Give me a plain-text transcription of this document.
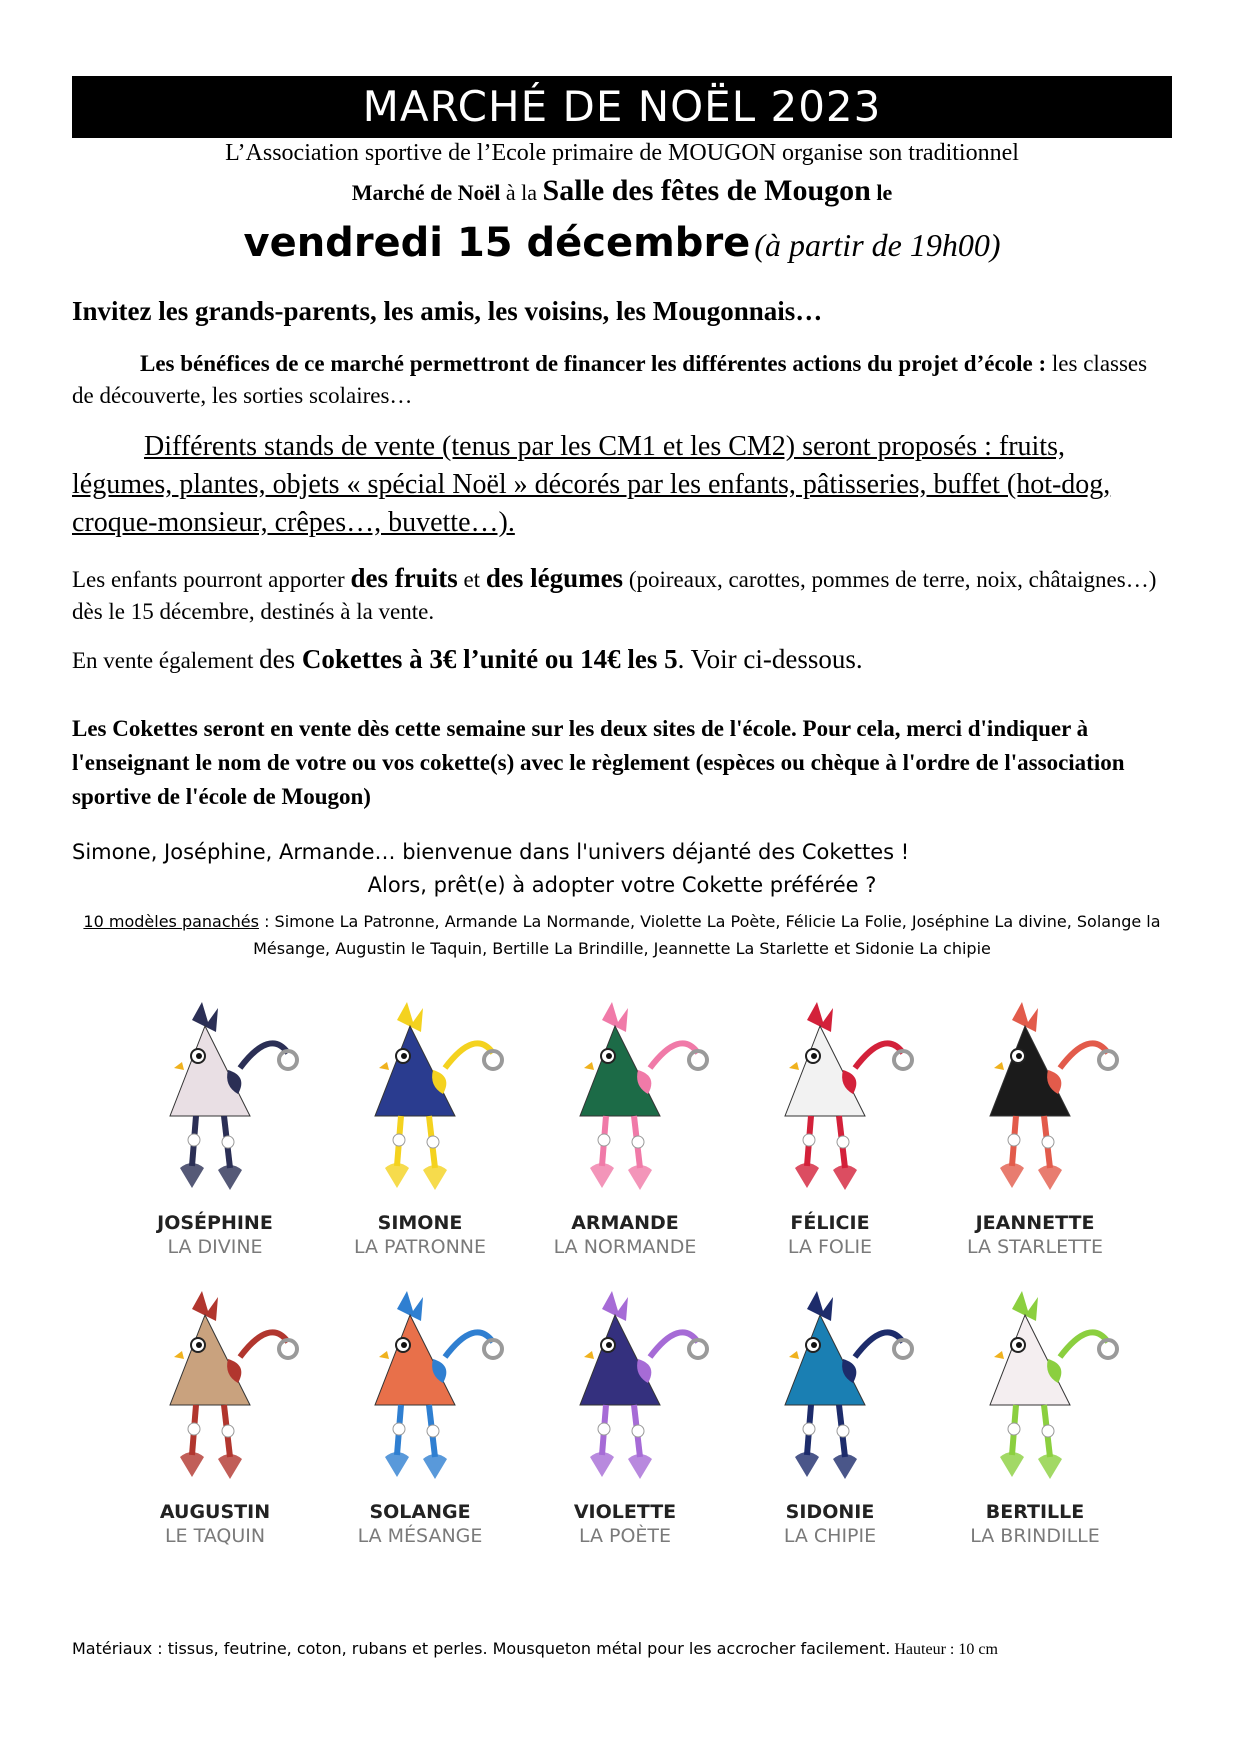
MARCHÉ DE NOËL 2023
L’Association sportive de l’Ecole primaire de MOUGON organise son traditionnel
Marché de Noël à la Salle des fêtes de Mougon le
vendredi 15 décembre (à partir de 19h00)
Invitez les grands-parents, les amis, les voisins, les Mougonnais…
Les bénéfices de ce marché permettront de financer les différentes actions du projet d’école : les classes de découverte, les sorties scolaires…
Différents stands de vente (tenus par les CM1 et les CM2) seront proposés : fruits, légumes, plantes, objets « spécial Noël » décorés par les enfants, pâtisseries, buffet (hot-dog, croque-monsieur, crêpes…, buvette…).
Les enfants pourront apporter des fruits et des légumes (poireaux, carottes, pommes de terre, noix, châtaignes…) dès le 15 décembre, destinés à la vente.
En vente également des Cokettes à 3€ l’unité ou 14€ les 5. Voir ci-dessous.
Les Cokettes seront en vente dès cette semaine sur les deux sites de l'école. Pour cela, merci d'indiquer à l'enseignant le nom de votre ou vos cokette(s) avec le règlement (espèces ou chèque à l'ordre de l'association sportive de l'école de Mougon)
Simone, Joséphine, Armande… bienvenue dans l'univers déjanté des Cokettes !
Alors, prêt(e) à adopter votre Cokette préférée ?
10 modèles panachés : Simone La Patronne, Armande La Normande, Violette La Poète, Félicie La Folie, Joséphine La divine, Solange la Mésange, Augustin le Taquin, Bertille La Brindille, Jeannette La Starlette et Sidonie La chipie
JOSÉPHINE
LA DIVINE
SIMONE
LA PATRONNE
ARMANDE
LA NORMANDE
FÉLICIE
LA FOLIE
JEANNETTE
LA STARLETTE
AUGUSTIN
LE TAQUIN
SOLANGE
LA MÉSANGE
VIOLETTE
LA POÈTE
SIDONIE
LA CHIPIE
BERTILLE
LA BRINDILLE
Matériaux : tissus, feutrine, coton, rubans et perles. Mousqueton métal pour les accrocher facilement. Hauteur : 10 cm
